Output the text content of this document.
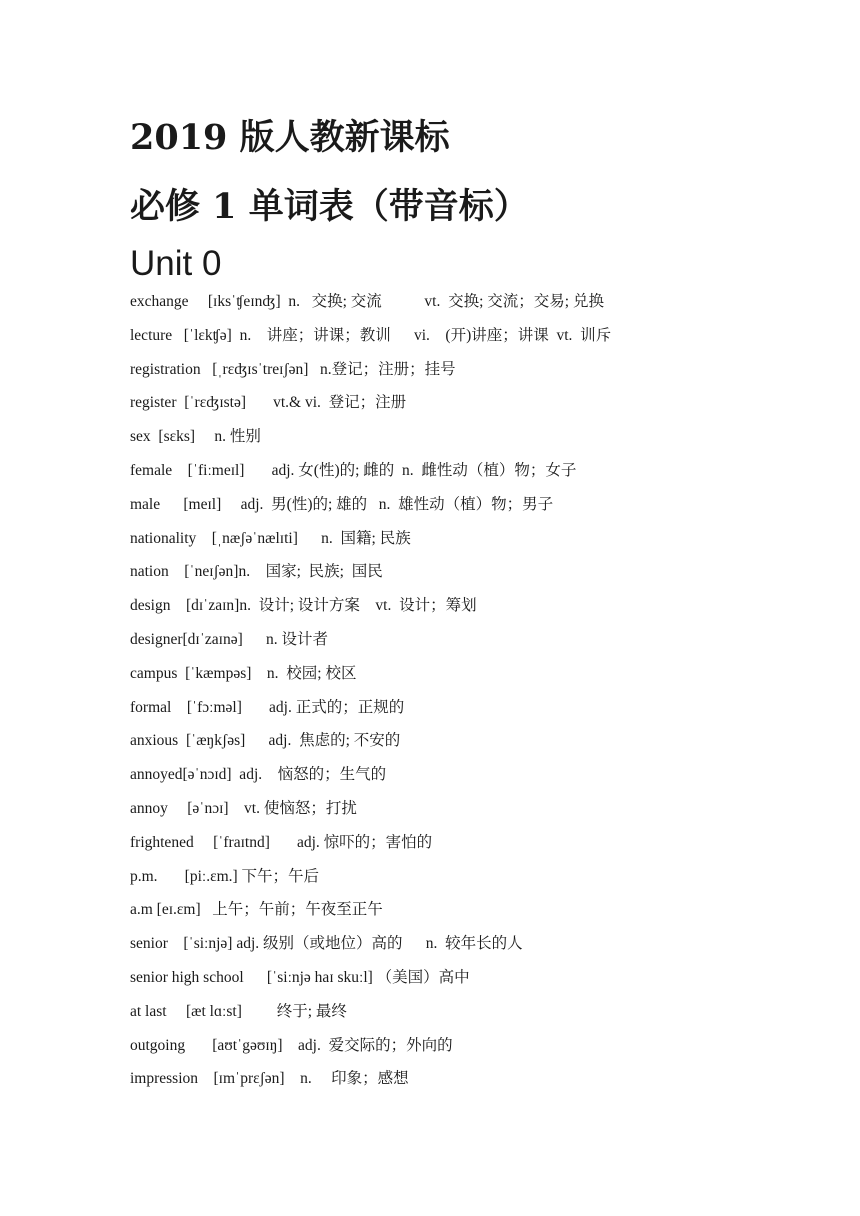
2019 版人教新课标
必修 1 单词表（带音标）
Unit 0
exchange     [ɪksˈʧeɪnʤ]  n.   交换; 交流           vt.  交换; 交流；交易; 兑换
lecture   [ˈlɛkʧə]  n.    讲座；讲课；教训      vi.    (开)讲座；讲课  vt.  训斥
registration   [ˌrɛʤɪsˈtreɪʃən]   n.登记；注册；挂号
register  [ˈrɛʤɪstə]       vt.& vi.  登记；注册
sex  [sɛks]     n. 性别
female    [ˈfiːmeɪl]       adj. 女(性)的; 雌的  n.  雌性动（植）物；女子
male      [meɪl]     adj.  男(性)的; 雄的   n.  雄性动（植）物；男子
nationality    [ˌnæʃəˈnælɪti]      n.  国籍; 民族
nation    [ˈneɪʃən]n.    国家;  民族;  国民
design    [dɪˈzaɪn]n.  设计; 设计方案    vt.  设计；筹划
designer[dɪˈzaɪnə]      n. 设计者
campus  [ˈkæmpəs]    n.  校园; 校区
formal    [ˈfɔːməl]       adj. 正式的；正规的
anxious  [ˈæŋkʃəs]      adj.  焦虑的; 不安的
annoyed[əˈnɔɪd]  adj.    恼怒的；生气的
annoy     [əˈnɔɪ]    vt. 使恼怒；打扰
frightened     [ˈfraɪtnd]       adj. 惊吓的；害怕的
p.m.       [piː.ɛm.] 下午；午后
a.m [eɪ.ɛm]   上午；午前；午夜至正午
senior    [ˈsiːnjə] adj. 级别（或地位）高的      n.  较年长的人
senior high school      [ˈsiːnjə haɪ skuːl] （美国）高中
at last     [æt lɑːst]         终于; 最终
outgoing       [aʊtˈgəʊɪŋ]    adj.  爱交际的；外向的
impression    [ɪmˈprɛʃən]    n.     印象；感想
